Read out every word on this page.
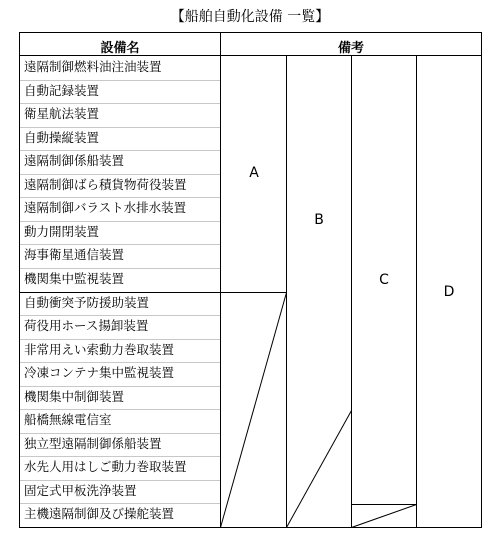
【船舶自動化設備 一覧】
設備名	備考
遠隔制御燃料油注油装置
自動記録装置
衛星航法装置
自動操縦装置
遠隔制御係船装置
遠隔制御ばら積貨物荷役装置
遠隔制御バラスト水排水装置
動力開閉装置
海事衛星通信装置
機関集中監視装置
自動衝突予防援助装置
荷役用ホース揚卸装置
非常用えい索動力巻取装置
冷凍コンテナ集中監視装置
機関集中制御装置
船橋無線電信室
独立型遠隔制御係船装置
水先人用はしご動力巻取装置
固定式甲板洗浄装置
主機遠隔制御及び操舵装置
A
B
C
D
